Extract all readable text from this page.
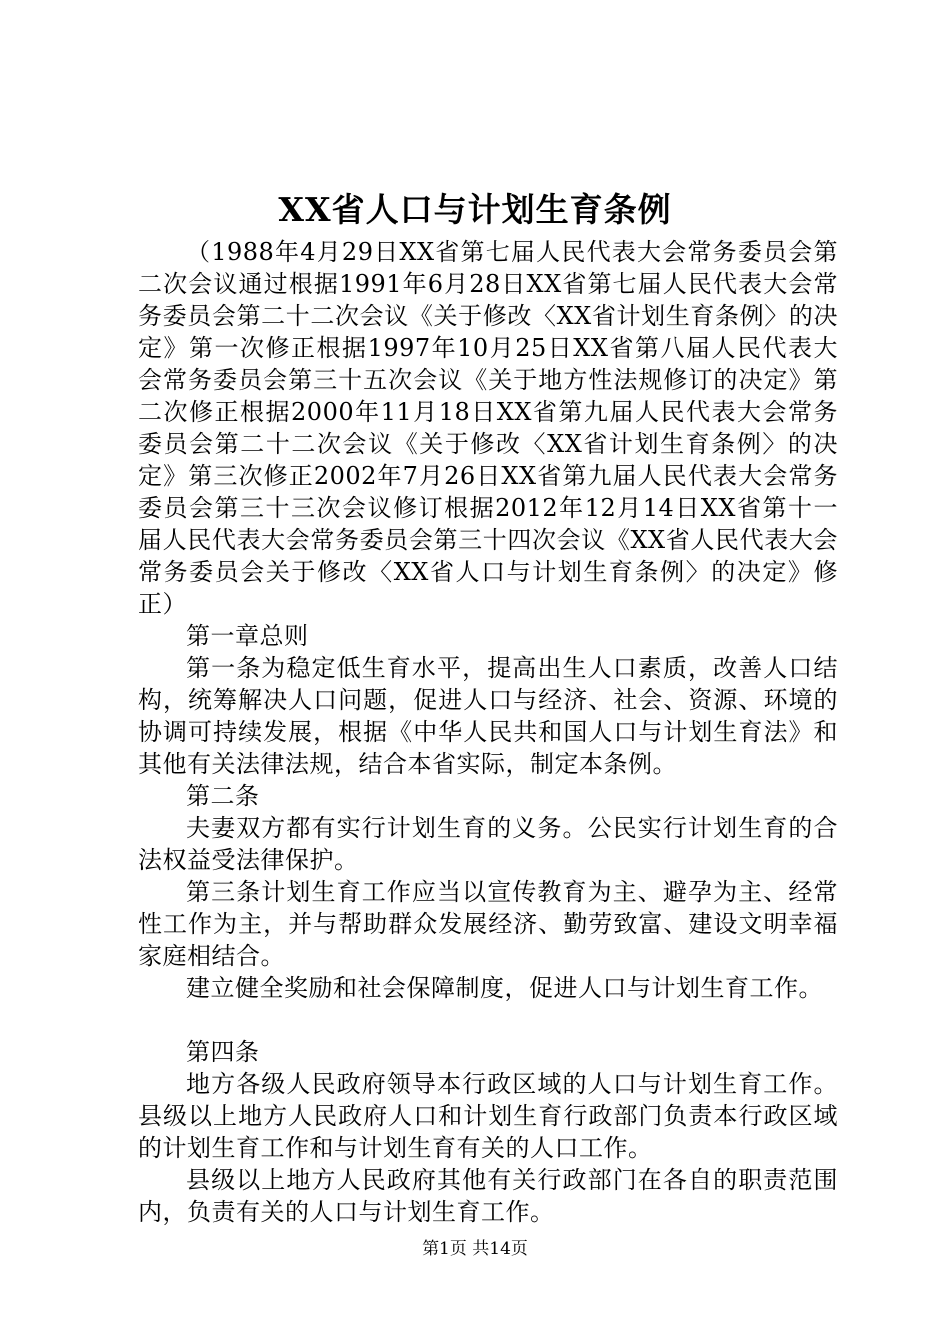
XX省人口与计划生育条例

（1988年4月29日XX省第七届人民代表大会常务委员会第二次会议通过根据1991年6月28日XX省第七届人民代表大会常务委员会第二十二次会议《关于修改〈XX省计划生育条例〉的决定》第一次修正根据1997年10月25日XX省第八届人民代表大会常务委员会第三十五次会议《关于地方性法规修订的决定》第二次修正根据2000年11月18日XX省第九届人民代表大会常务委员会第二十二次会议《关于修改〈XX省计划生育条例〉的决定》第三次修正2002年7月26日XX省第九届人民代表大会常务委员会第三十三次会议修订根据2012年12月14日XX省第十一届人民代表大会常务委员会第三十四次会议《XX省人民代表大会常务委员会关于修改〈XX省人口与计划生育条例〉的决定》修正）

第一章总则

第一条为稳定低生育水平，提高出生人口素质，改善人口结构，统筹解决人口问题，促进人口与经济、社会、资源、环境的协调可持续发展，根据《中华人民共和国人口与计划生育法》和其他有关法律法规，结合本省实际，制定本条例。

第二条

夫妻双方都有实行计划生育的义务。公民实行计划生育的合法权益受法律保护。

第三条计划生育工作应当以宣传教育为主、避孕为主、经常性工作为主，并与帮助群众发展经济、勤劳致富、建设文明幸福家庭相结合。

建立健全奖励和社会保障制度，促进人口与计划生育工作。

第四条

地方各级人民政府领导本行政区域的人口与计划生育工作。县级以上地方人民政府人口和计划生育行政部门负责本行政区域的计划生育工作和与计划生育有关的人口工作。

县级以上地方人民政府其他有关行政部门在各自的职责范围内，负责有关的人口与计划生育工作。

第1页 共14页
